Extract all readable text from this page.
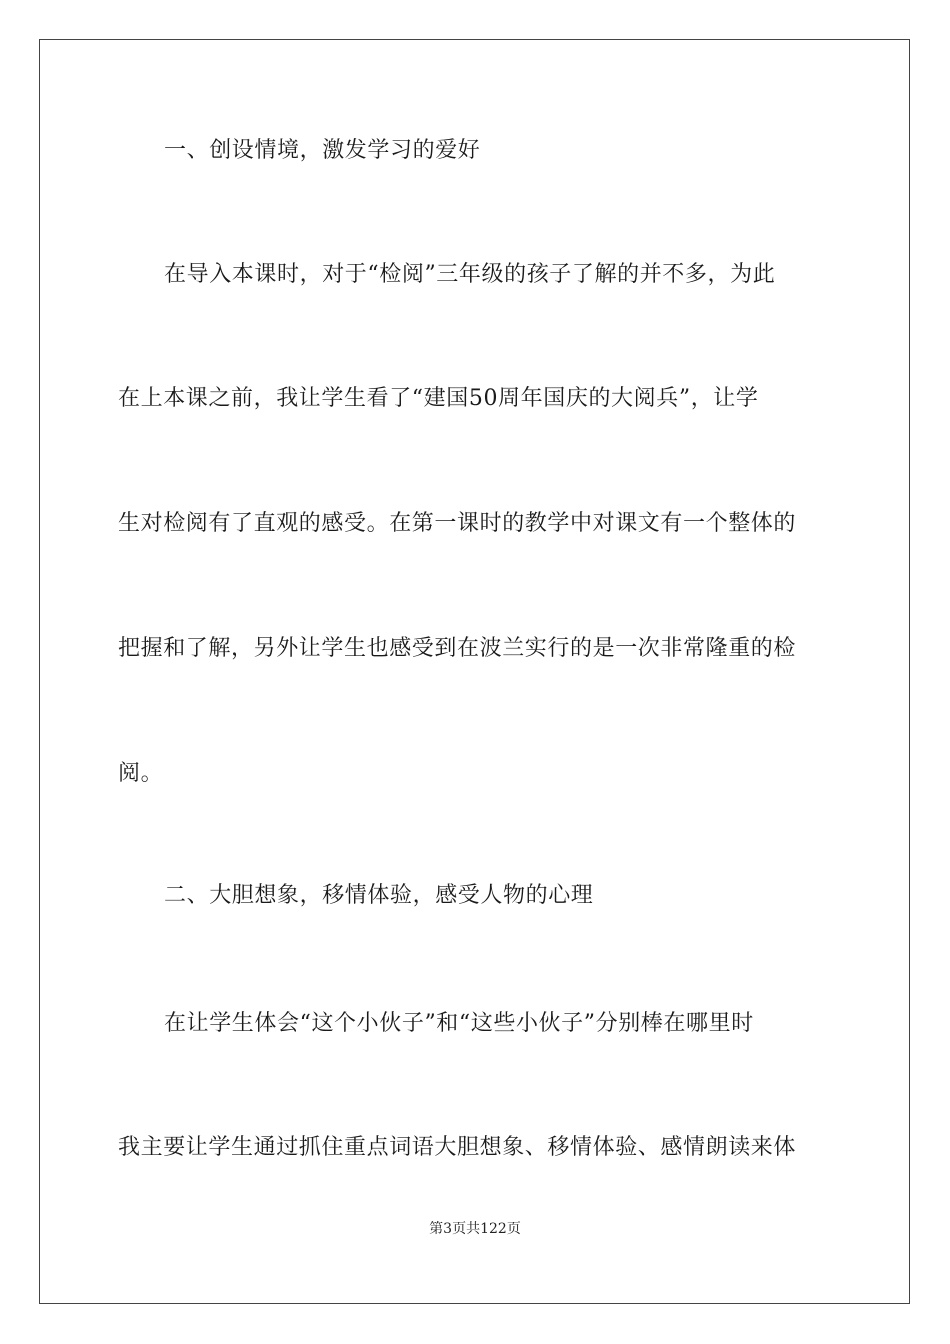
一、创设情境，激发学习的爱好
在导入本课时，对于“检阅”三年级的孩子了解的并不多，为此
在上本课之前，我让学生看了“建国50周年国庆的大阅兵”，让学
生对检阅有了直观的感受。在第一课时的教学中对课文有一个整体的
把握和了解，另外让学生也感受到在波兰实行的是一次非常隆重的检
阅。
二、大胆想象，移情体验，感受人物的心理
在让学生体会“这个小伙子”和“这些小伙子”分别棒在哪里时
我主要让学生通过抓住重点词语大胆想象、移情体验、感情朗读来体
第3页共122页
